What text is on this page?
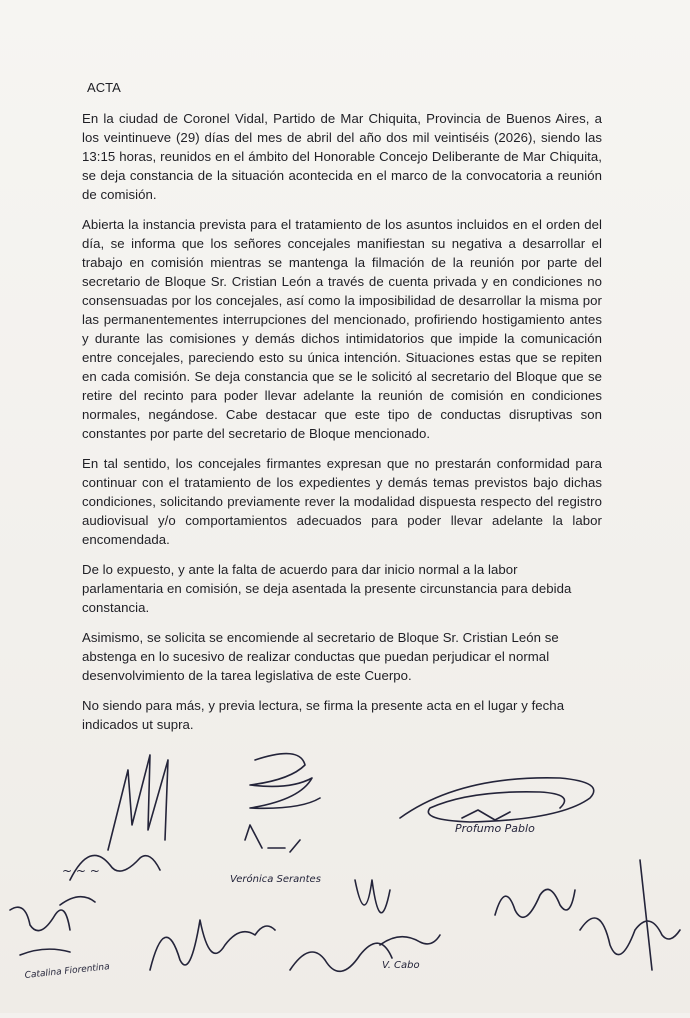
ACTA

En la ciudad de Coronel Vidal, Partido de Mar Chiquita, Provincia de Buenos Aires, a los veintinueve (29) días del mes de abril del año dos mil veintiséis (2026), siendo las 13:15 horas, reunidos en el ámbito del Honorable Concejo Deliberante de Mar Chiquita, se deja constancia de la situación acontecida en el marco de la convocatoria a reunión de comisión.

Abierta la instancia prevista para el tratamiento de los asuntos incluidos en el orden del día, se informa que los señores concejales manifiestan su negativa a desarrollar el trabajo en comisión mientras se mantenga la filmación de la reunión por parte del secretario de Bloque Sr. Cristian León a través de cuenta privada y en condiciones no consensuadas por los concejales, así como la imposibilidad de desarrollar la misma por las permanentementes interrupciones del mencionado, profiriendo hostigamiento antes y durante las comisiones y demás dichos intimidatorios que impide la comunicación entre concejales, pareciendo esto su única intención. Situaciones estas que se repiten en cada comisión. Se deja constancia que se le solicitó al secretario del Bloque que se retire del recinto para poder llevar adelante la reunión de comisión en condiciones normales, negándose. Cabe destacar que este tipo de conductas disruptivas son constantes por parte del secretario de Bloque mencionado.

En tal sentido, los concejales firmantes expresan que no prestarán conformidad para continuar con el tratamiento de los expedientes y demás temas previstos bajo dichas condiciones, solicitando previamente rever la modalidad dispuesta respecto del registro audiovisual y/o comportamientos adecuados para poder llevar adelante la labor encomendada.

De lo expuesto, y ante la falta de acuerdo para dar inicio normal a la labor parlamentaria en comisión, se deja asentada la presente circunstancia para debida constancia.

Asimismo, se solicita se encomiende al secretario de Bloque Sr. Cristian León se abstenga en lo sucesivo de realizar conductas que puedan perjudicar el normal desenvolvimiento de la tarea legislativa de este Cuerpo.

No siendo para más, y previa lectura, se firma la presente acta en el lugar y fecha indicados ut supra.

~ ~ ~
Verónica Serantes
Profumo Pablo
Catalina Fiorentina	V. Cabo
